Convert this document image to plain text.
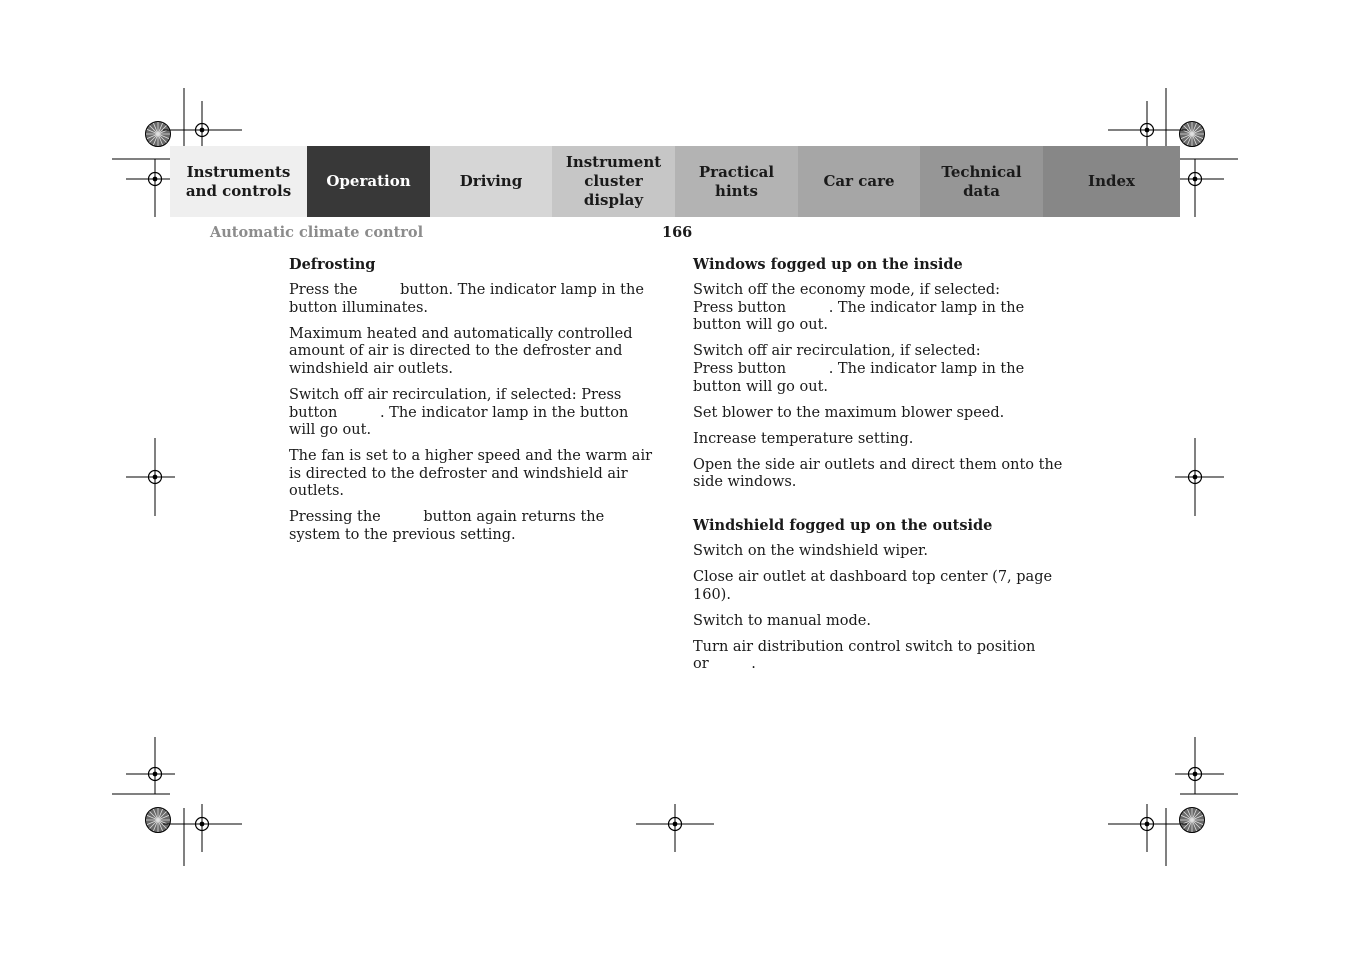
Instruments
and controls
Operation	Driving
Instrument
cluster display
Practical hints
Car care
Technical
data
Index
Automatic climate control	166
Defrosting
Press the	button. The indicator lamp in the button illuminates.
Maximum heated and automatically controlled amount of air is directed to the defroster and windshield air outlets.
Switch off air recirculation, if selected: Press button	. The indicator lamp in the button will go out.
The fan is set to a higher speed and the warm air is directed to the defroster and windshield air outlets.
Pressing the	button again returns the system to the previous setting.
Windows fogged up on the inside
Switch off the economy mode, if selected:
Press button	. The indicator lamp in the button will go out.
Switch off air recirculation, if selected:
Press button	. The indicator lamp in the button will go out.
Set blower to the maximum blower speed.
Increase temperature setting.
Open the side air outlets and direct them onto the side windows.
Windshield fogged up on the outside
Switch on the windshield wiper.
Close air outlet at dashboard top center (7, page 160).
Switch to manual mode.
Turn air distribution control switch to position
or	.
